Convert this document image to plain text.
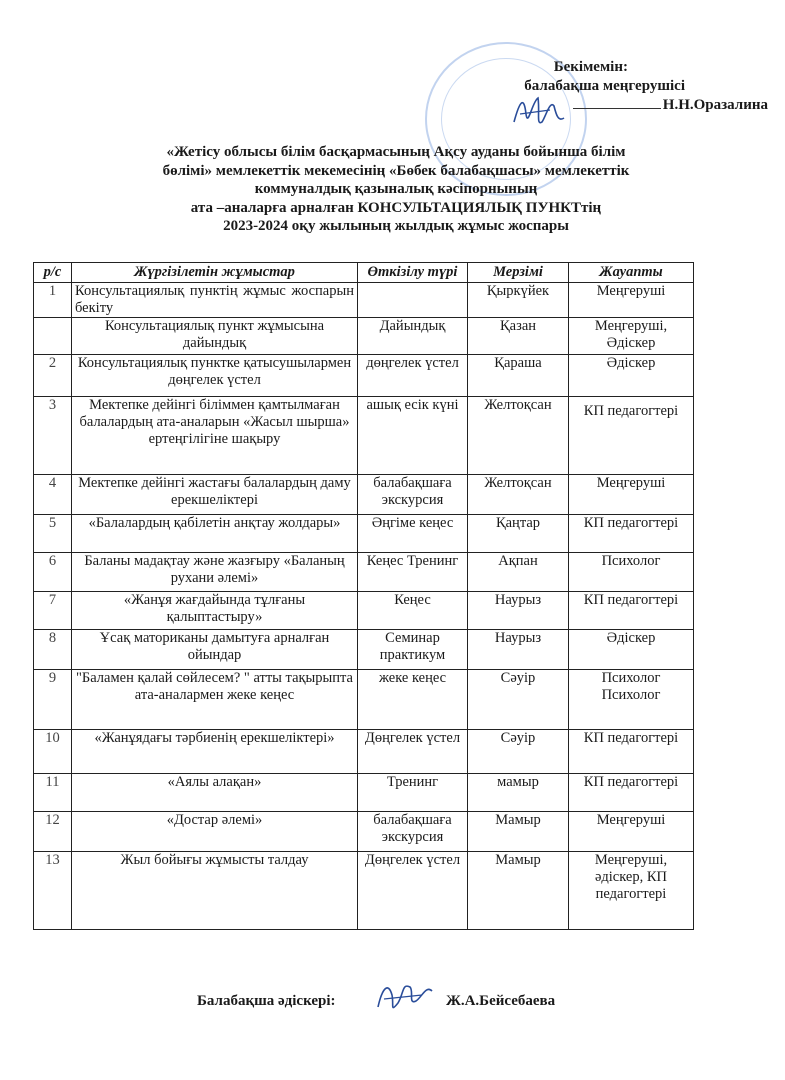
Бекімемін:
балабақша меңгерушісі
Н.Н.Оразалина
«Жетісу облысы білім басқармасының Ақсу ауданы бойынша білім
бөлімі» мемлекеттік мекемесінің «Бөбек балабақшасы» мемлекеттік
коммуналдық қазыналық кәсіпорнының
ата –аналарға арналған КОНСУЛЬТАЦИЯЛЫҚ ПУНКТтің
2023-2024 оқу жылының жылдық жұмыс жоспары
р/с	Жүргізілетін жұмыстар	Өткізілу түрі	Мерзімі	Жауапты
1	Консультациялық пунктің жұмыс жоспарын бекіту		Қыркүйек	Меңгеруші
	Консультациялық пункт жұмысына дайындық	Дайындық	Қазан	Меңгеруші, Әдіскер
2	Консультациялық пунктке қатысушылармен дөңгелек үстел	дөңгелек үстел	Қараша	Әдіскер
3	Мектепке дейінгі біліммен қамтылмаған балалардың ата-аналарын «Жасыл шырша» ертеңгілігіне шақыру	ашық есік күні	Желтоқсан	КП педагогтері
4	Мектепке дейінгі жастағы балалардың даму ерекшеліктері	балабақшаға экскурсия	Желтоқсан	Меңгеруші
5	«Балалардың қабілетін анқтау жолдары»	Әңгіме кеңес	Қаңтар	КП педагогтері
6	Баланы мадақтау және жазғыру «Баланың рухани әлемі»	Кеңес Тренинг	Ақпан	Психолог
7	«Жанұя жағдайында тұлғаны қалыптастыру»	Кеңес	Наурыз	КП педагогтері
8	Ұсақ маториканы дамытуға арналған ойындар	Семинар практикум	Наурыз	Әдіскер
9	"Баламен қалай сөйлесем? " атты тақырыпта ата-аналармен жеке кеңес	жеке кеңес	Сәуір	Психолог Психолог
10	«Жанұядағы тәрбиенің ерекшеліктері»	Дөңгелек үстел	Сәуір	КП педагогтері
11	«Аялы алақан»	Тренинг	мамыр	КП педагогтері
12	«Достар әлемі»	балабақшаға экскурсия	Мамыр	Меңгеруші
13	Жыл бойығы жұмысты талдау	Дөңгелек үстел	Мамыр	Меңгеруші, әдіскер, КП педагогтері
Балабақша әдіскері:	Ж.А.Бейсебаева
